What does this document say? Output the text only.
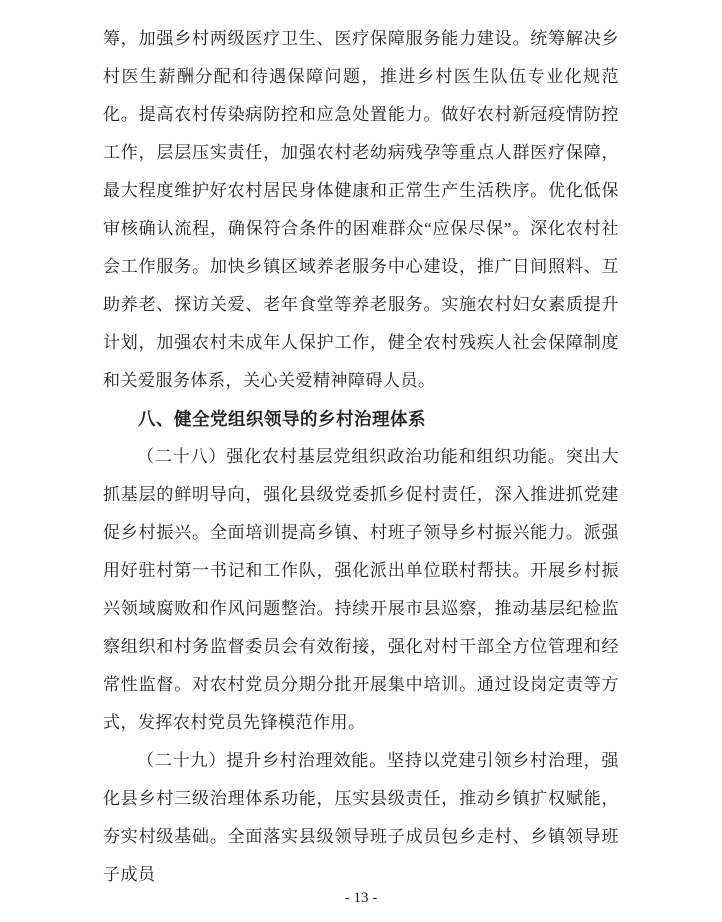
筹，加强乡村两级医疗卫生、医疗保障服务能力建设。统筹解决乡村医生薪酬分配和待遇保障问题，推进乡村医生队伍专业化规范化。提高农村传染病防控和应急处置能力。做好农村新冠疫情防控工作，层层压实责任，加强农村老幼病残孕等重点人群医疗保障，最大程度维护好农村居民身体健康和正常生产生活秩序。优化低保审核确认流程，确保符合条件的困难群众“应保尽保”。深化农村社会工作服务。加快乡镇区域养老服务中心建设，推广日间照料、互助养老、探访关爱、老年食堂等养老服务。实施农村妇女素质提升计划，加强农村未成年人保护工作，健全农村残疾人社会保障制度和关爱服务体系，关心关爱精神障碍人员。

八、健全党组织领导的乡村治理体系

（二十八）强化农村基层党组织政治功能和组织功能。突出大抓基层的鲜明导向，强化县级党委抓乡促村责任，深入推进抓党建促乡村振兴。全面培训提高乡镇、村班子领导乡村振兴能力。派强用好驻村第一书记和工作队，强化派出单位联村帮扶。开展乡村振兴领域腐败和作风问题整治。持续开展市县巡察，推动基层纪检监察组织和村务监督委员会有效衔接，强化对村干部全方位管理和经常性监督。对农村党员分期分批开展集中培训。通过设岗定责等方式，发挥农村党员先锋模范作用。

（二十九）提升乡村治理效能。坚持以党建引领乡村治理，强化县乡村三级治理体系功能，压实县级责任，推动乡镇扩权赋能，夯实村级基础。全面落实县级领导班子成员包乡走村、乡镇领导班子成员

- 13 -
